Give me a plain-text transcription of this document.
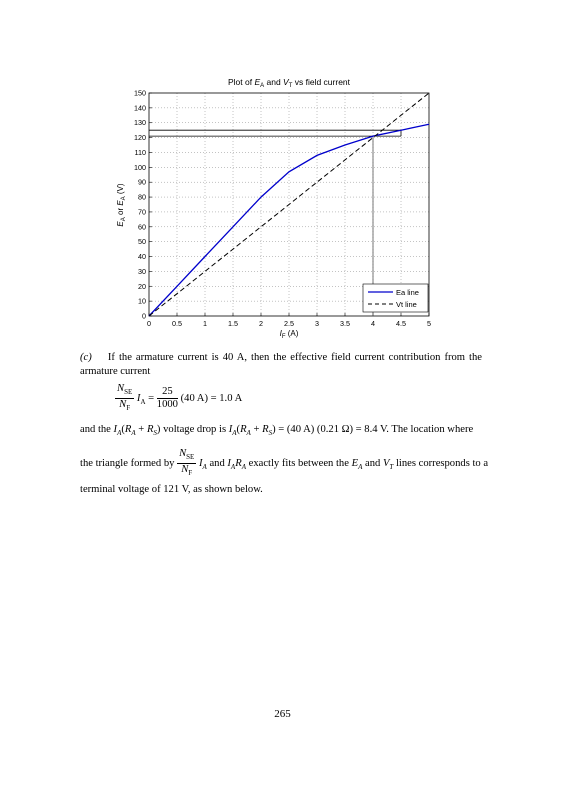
0	0.5	1	1.5	2	2.5	3	3.5	4	4.5	5
0
10
20
30
40
50
60
70
80
90
100
110
120
130
140
150
Plot of $E_A$ and $V_T$ vs field current
$I_F$ (A)
$E_A$ or $E_A$ (V)
Ea line
Vt line
(c) If the armature current is 40 A, then the effective field current contribution from the armature current
$\frac{N_{SE}}{N_F} I_A = \frac{25}{1000} (40$ A) = 1.0 A
and the $I_A(R_A + R_S)$ voltage drop is $I_A(R_A + R_S) = (40$ A) (0.21 Ω) = 8.4 V. The location where
the triangle formed by $\frac{N_{SE}}{N_F} I_A$ and $I_AR_A$ exactly fits between the $E_A$ and $V_T$ lines corresponds to a
terminal voltage of 121 V, as shown below.
265
